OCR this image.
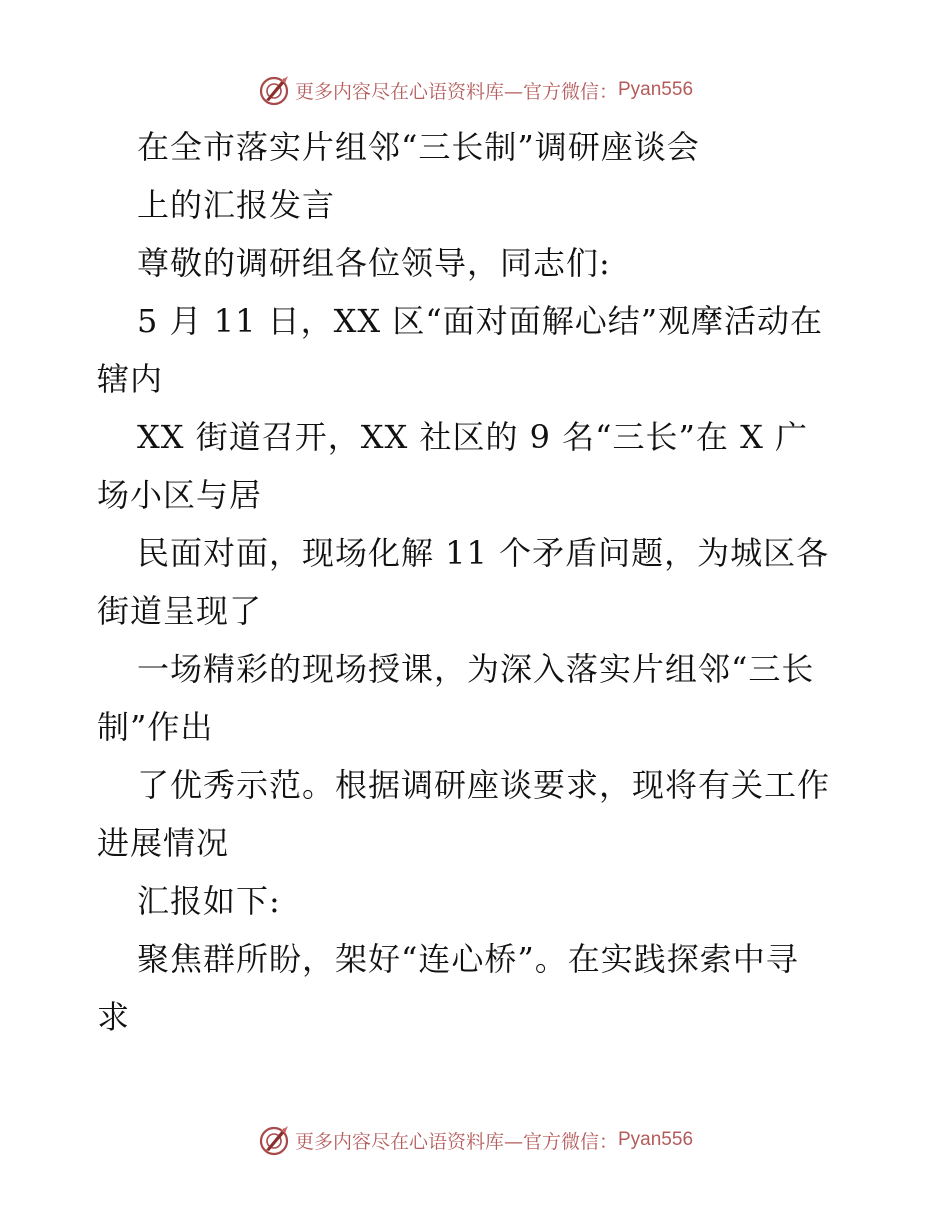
更多内容尽在心语资料库—官方微信： Pyan556
在全市落实片组邻“三长制”调研座谈会
上的汇报发言
尊敬的调研组各位领导，同志们:
5 月 11 日，XX 区“面对面解心结”观摩活动在
辖内
XX 街道召开，XX 社区的 9 名“三长”在 X 广
场小区与居
民面对面，现场化解 11 个矛盾问题，为城区各
街道呈现了
一场精彩的现场授课，为深入落实片组邻“三长
制”作出
了优秀示范。根据调研座谈要求，现将有关工作
进展情况
汇报如下:
聚焦群所盼，架好“连心桥”。在实践探索中寻
求
更多内容尽在心语资料库—官方微信： Pyan556
